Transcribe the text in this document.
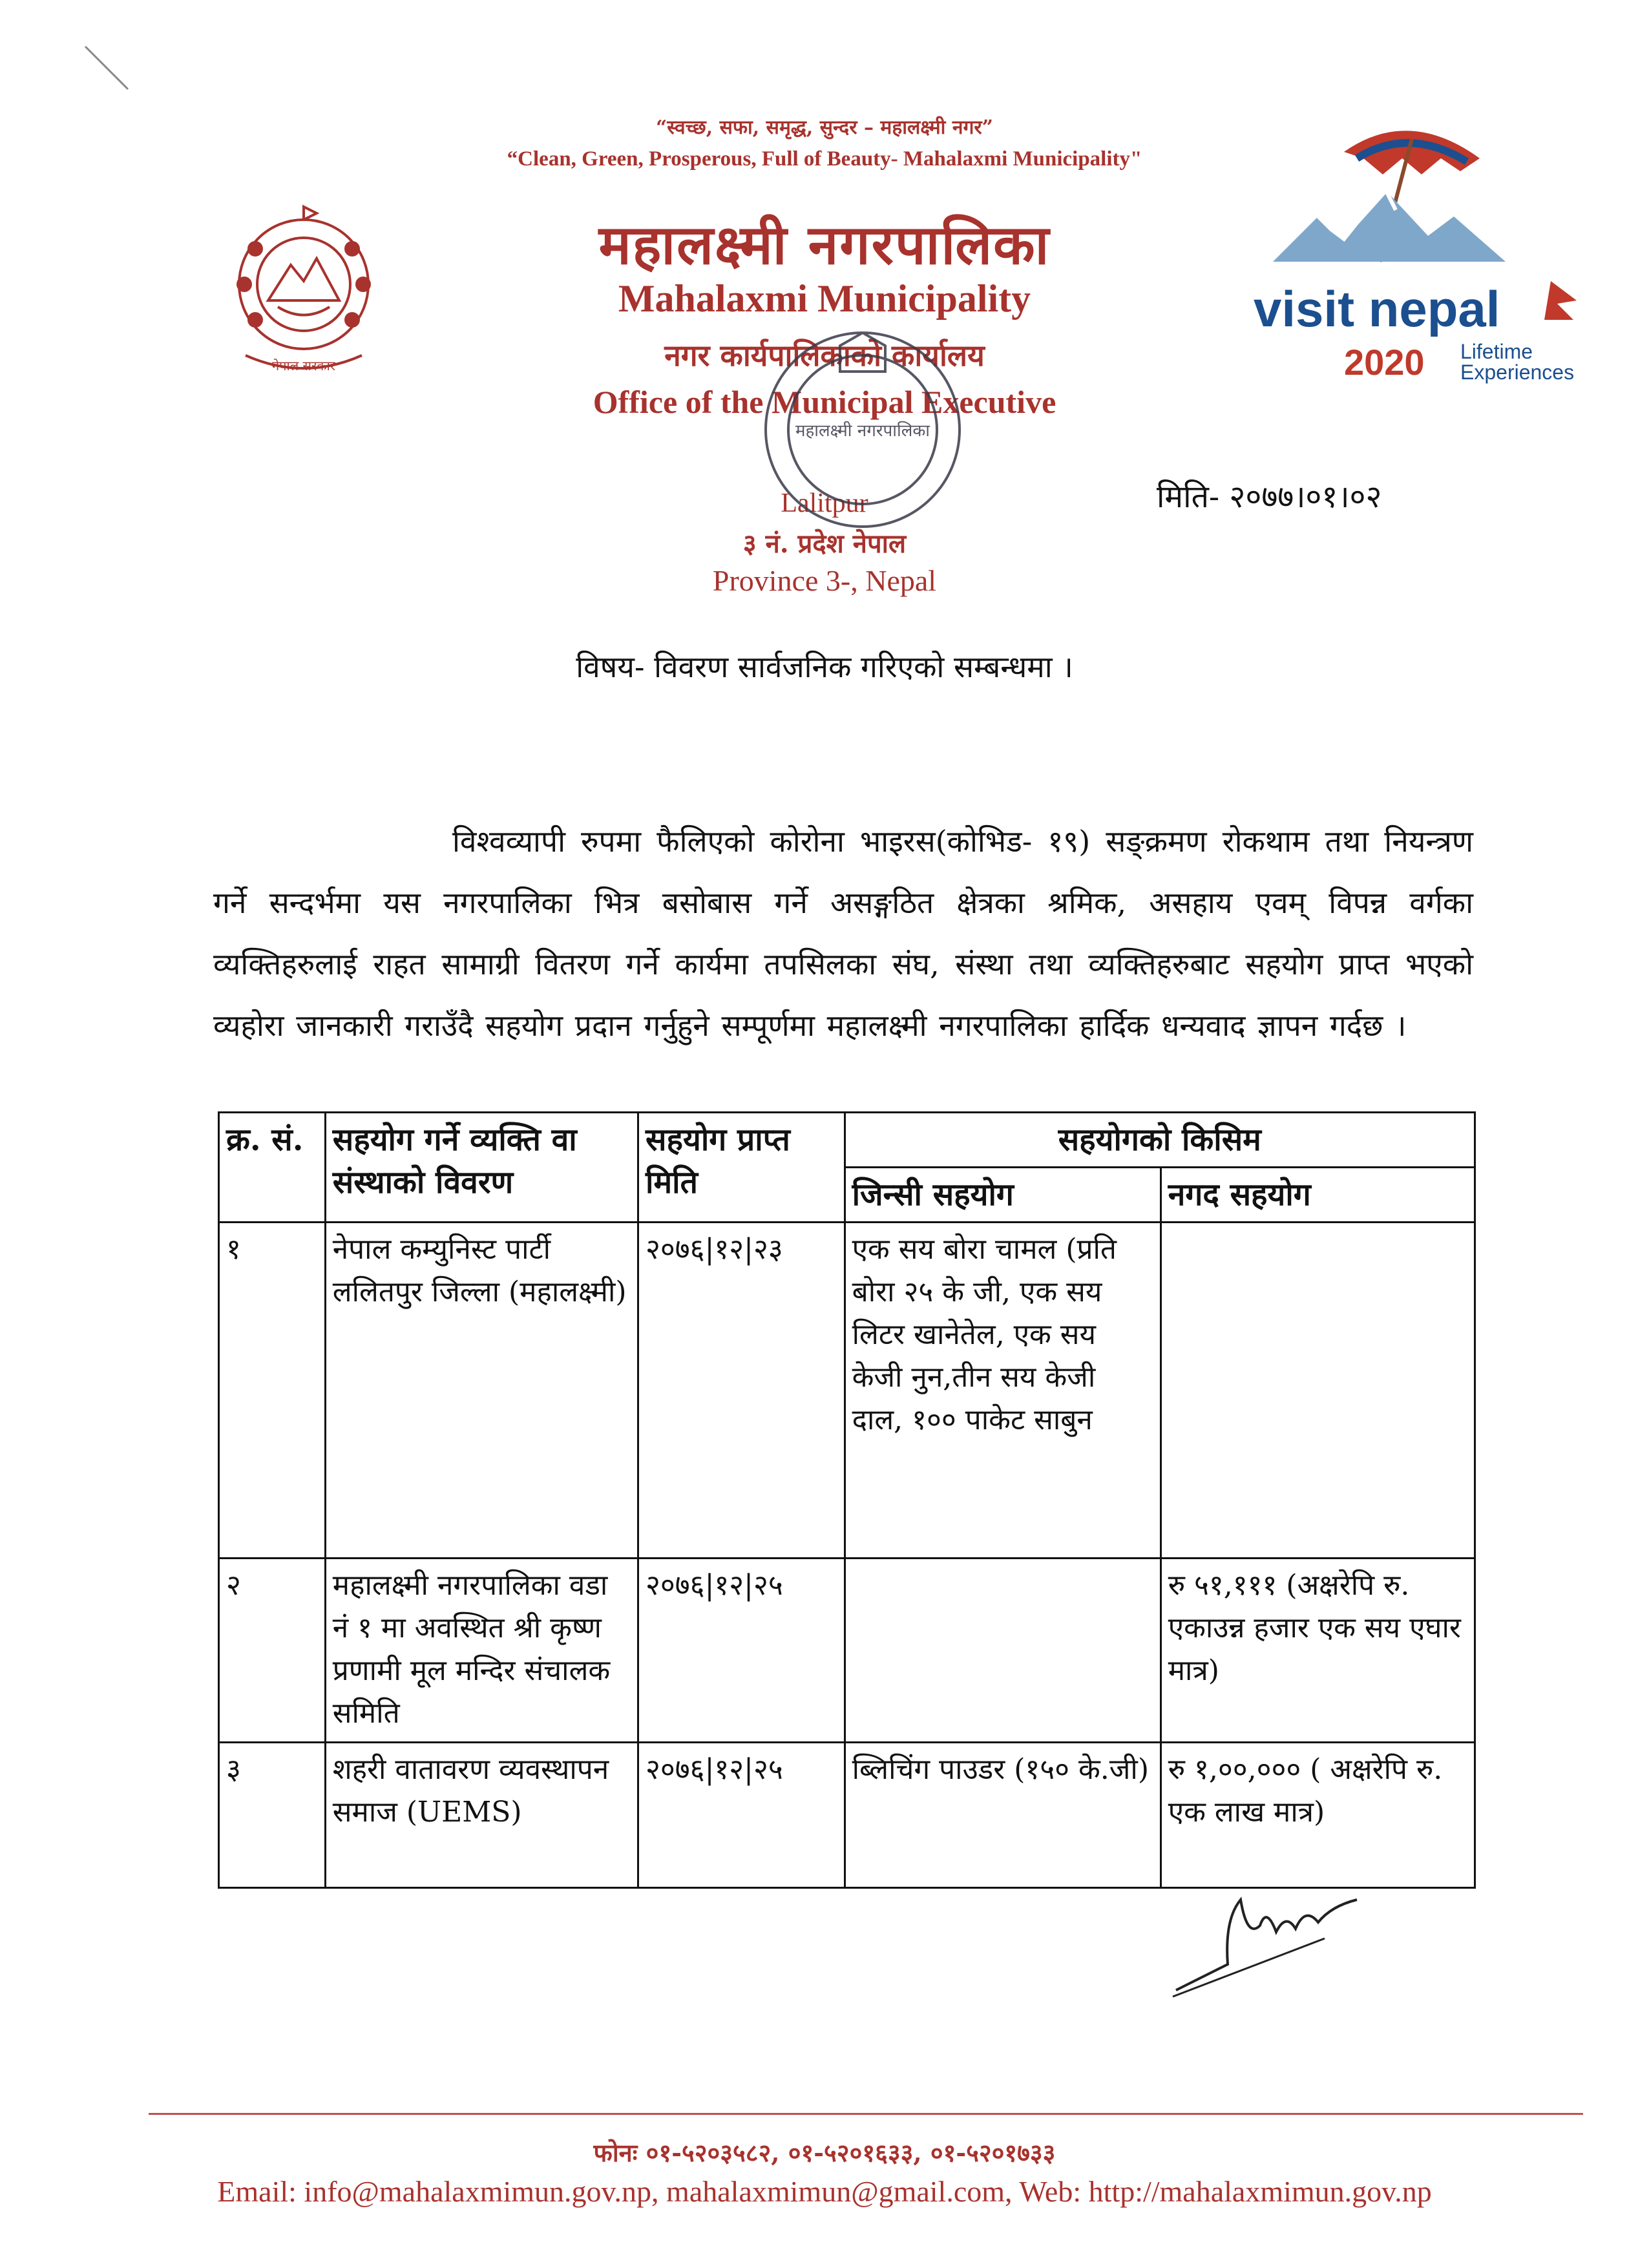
“स्वच्छ, सफा, समृद्ध, सुन्दर – महालक्ष्मी नगर”
“Clean, Green, Prosperous, Full of Beauty- Mahalaxmi Municipality"
महालक्ष्मी नगरपालिका
Mahalaxmi Municipality
नगर कार्यपालिकाको कार्यालय
Office of the Municipal Executive
Lalitpur
३ नं. प्रदेश नेपाल
Province 3-, Nepal
नेपाल सरकार
महालक्ष्मी नगरपालिका
visit nepal
2020 Lifetime
Experiences
मिति- २०७७।०१।०२
विषय- विवरण सार्वजनिक गरिएको सम्बन्धमा ।
विश्वव्यापी रुपमा फैलिएको कोरोना भाइरस(कोभिड- १९) सङ्क्रमण रोकथाम तथा नियन्त्रण गर्ने सन्दर्भमा यस नगरपालिका भित्र बसोबास गर्ने असङ्गठित क्षेत्रका श्रमिक, असहाय एवम् विपन्न वर्गका व्यक्तिहरुलाई राहत सामाग्री वितरण गर्ने कार्यमा तपसिलका संघ, संस्था तथा व्यक्तिहरुबाट सहयोग प्राप्त भएको व्यहोरा जानकारी गराउँदै सहयोग प्रदान गर्नुहुने सम्पूर्णमा महालक्ष्मी नगरपालिका हार्दिक धन्यवाद ज्ञापन गर्दछ ।
क्र. सं.	सहयोग गर्ने व्यक्ति वा संस्थाको विवरण	सहयोग प्राप्त मिति	सहयोगको किसिम	
			जिन्सी सहयोग	नगद सहयोग
१	नेपाल कम्युनिस्ट पार्टी ललितपुर जिल्ला (महालक्ष्मी)	२०७६|१२|२३	एक सय बोरा चामल (प्रति बोरा २५ के जी, एक सय लिटर खानेतेल, एक सय केजी नुन,तीन सय केजी दाल, १०० पाकेट साबुन	
२	महालक्ष्मी नगरपालिका वडा नं १ मा अवस्थित श्री कृष्ण प्रणामी मूल मन्दिर संचालक समिति	२०७६|१२|२५		रु ५१,१११ (अक्षरेपि रु. एकाउन्न हजार एक सय एघार मात्र)
३	शहरी वातावरण व्यवस्थापन समाज (UEMS)	२०७६|१२|२५	ब्लिचिंग पाउडर (१५० के.जी)	रु १,००,००० ( अक्षरेपि रु. एक लाख मात्र)
फोनः ०१-५२०३५८२, ०१-५२०१६३३, ०१-५२०१७३३
Email: info@mahalaxmimun.gov.np, mahalaxmimun@gmail.com, Web: http://mahalaxmimun.gov.np
